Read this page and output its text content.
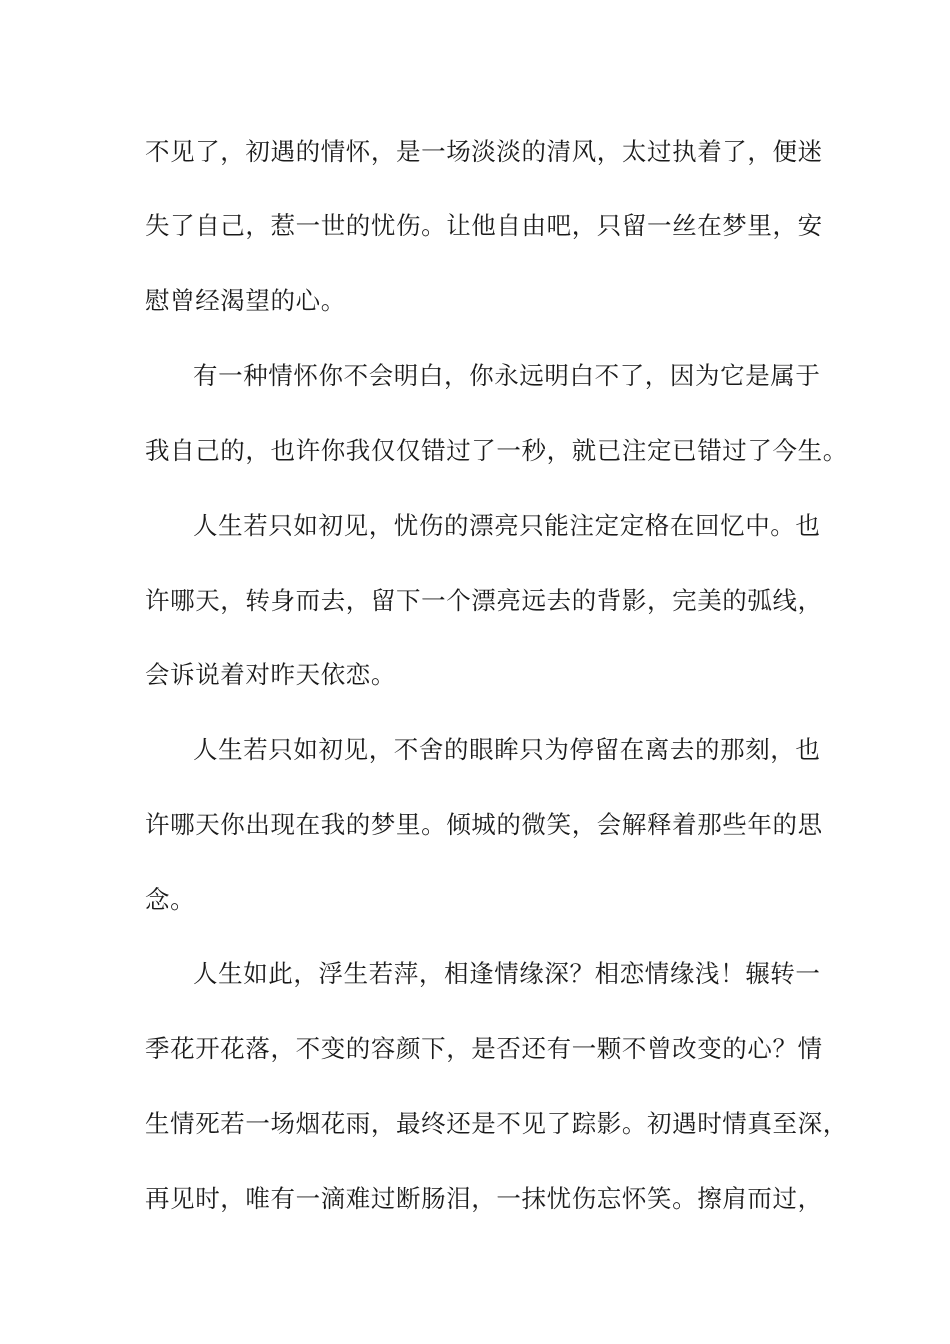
不见了，初遇的情怀，是一场淡淡的清风，太过执着了，便迷
失了自己，惹一世的忧伤。让他自由吧，只留一丝在梦里，安
慰曾经渴望的心。
有一种情怀你不会明白，你永远明白不了，因为它是属于
我自己的，也许你我仅仅错过了一秒，就已注定已错过了今生。
人生若只如初见，忧伤的漂亮只能注定定格在回忆中。也
许哪天，转身而去，留下一个漂亮远去的背影，完美的弧线，
会诉说着对昨天依恋。
人生若只如初见，不舍的眼眸只为停留在离去的那刻，也
许哪天你出现在我的梦里。倾城的微笑，会解释着那些年的思
念。
人生如此，浮生若萍，相逢情缘深？相恋情缘浅！辗转一
季花开花落，不变的容颜下，是否还有一颗不曾改变的心？情
生情死若一场烟花雨，最终还是不见了踪影。初遇时情真至深，
再见时，唯有一滴难过断肠泪，一抹忧伤忘怀笑。擦肩而过，
